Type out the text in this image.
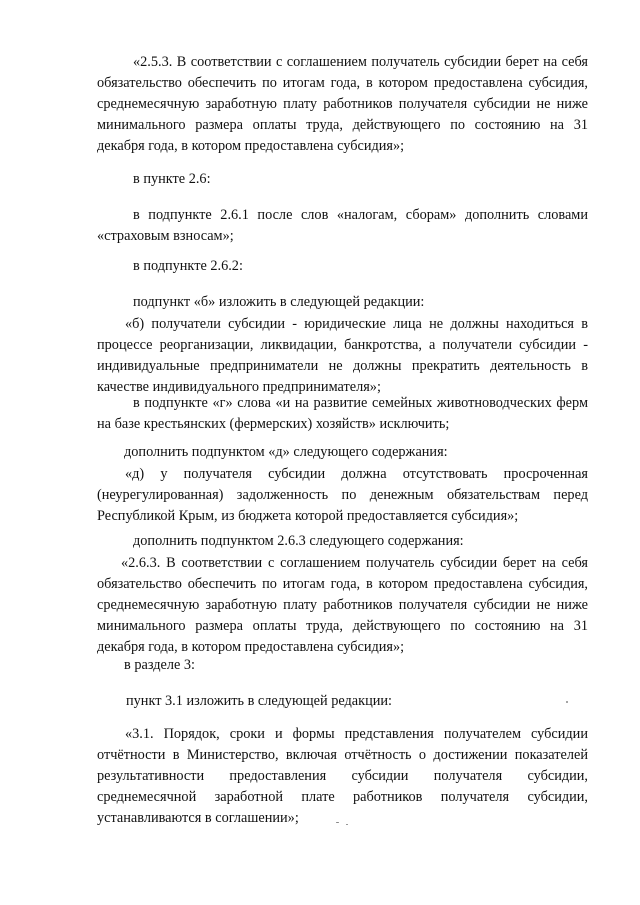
«2.5.3. В соответствии с соглашением получатель субсидии берет на себя обязательство обеспечить по итогам года, в котором предоставлена субсидия, среднемесячную заработную плату работников получателя субсидии не ниже минимального размера оплаты труда, действующего по состоянию на 31 декабря года, в котором предоставлена субсидия»;

в пункте 2.6:

в подпункте 2.6.1 после слов «налогам, сборам» дополнить словами «страховым взносам»;

в подпункте 2.6.2:

подпункт «б» изложить в следующей редакции:

«б) получатели субсидии - юридические лица не должны находиться в процессе реорганизации, ликвидации, банкротства, а получатели субсидии - индивидуальные предприниматели не должны прекратить деятельность в качестве индивидуального предпринимателя»;

в подпункте «г» слова «и на развитие семейных животноводческих ферм на базе крестьянских (фермерских) хозяйств» исключить;

дополнить подпунктом «д» следующего содержания:

«д) у получателя субсидии должна отсутствовать просроченная (неурегулированная) задолженность по денежным обязательствам перед Республикой Крым, из бюджета которой предоставляется субсидия»;

дополнить подпунктом 2.6.3 следующего содержания:

«2.6.3. В соответствии с соглашением получатель субсидии берет на себя обязательство обеспечить по итогам года, в котором предоставлена субсидия, среднемесячную заработную плату работников получателя субсидии не ниже минимального размера оплаты труда, действующего по состоянию на 31 декабря года, в котором предоставлена субсидия»;

в разделе 3:

пункт 3.1 изложить в следующей редакции:

«3.1. Порядок, сроки и формы представления получателем субсидии отчётности в Министерство, включая отчётность о достижении показателей результативности предоставления субсидии получателя субсидии, среднемесячной заработной плате работников получателя субсидии, устанавливаются в соглашении»;
